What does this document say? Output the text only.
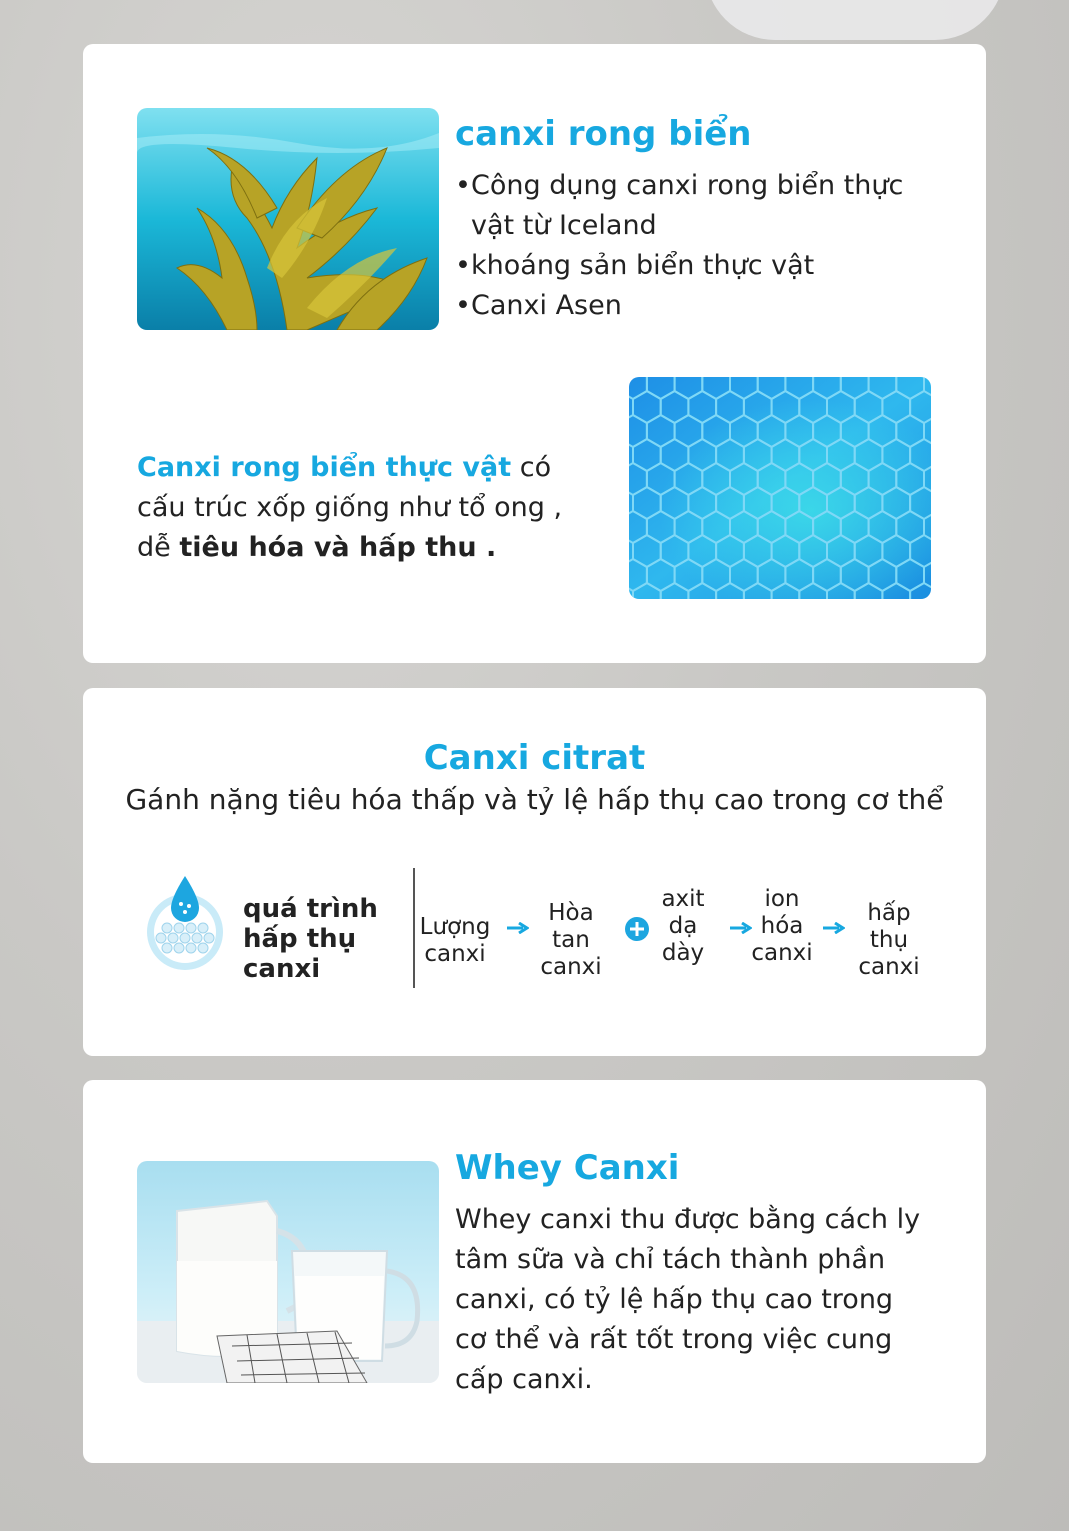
canxi rong biển
• Công dụng canxi rong biển thực vật từ Iceland
• khoáng sản biển thực vật
• Canxi Asen

Canxi rong biển thực vật có cấu trúc xốp giống như tổ ong , dễ tiêu hóa và hấp thu .

Canxi citrat

Gánh nặng tiêu hóa thấp và tỷ lệ hấp thụ cao trong cơ thể

quá trình hấp thụ canxi

Lượng
canxi
Hòa
tan
canxi
axit
dạ
dày
ion
hóa
canxi
hấp
thụ
canxi
Whey Canxi

Whey canxi thu được bằng cách ly tâm sữa và chỉ tách thành phần canxi, có tỷ lệ hấp thụ cao trong cơ thể và rất tốt trong việc cung cấp canxi.
